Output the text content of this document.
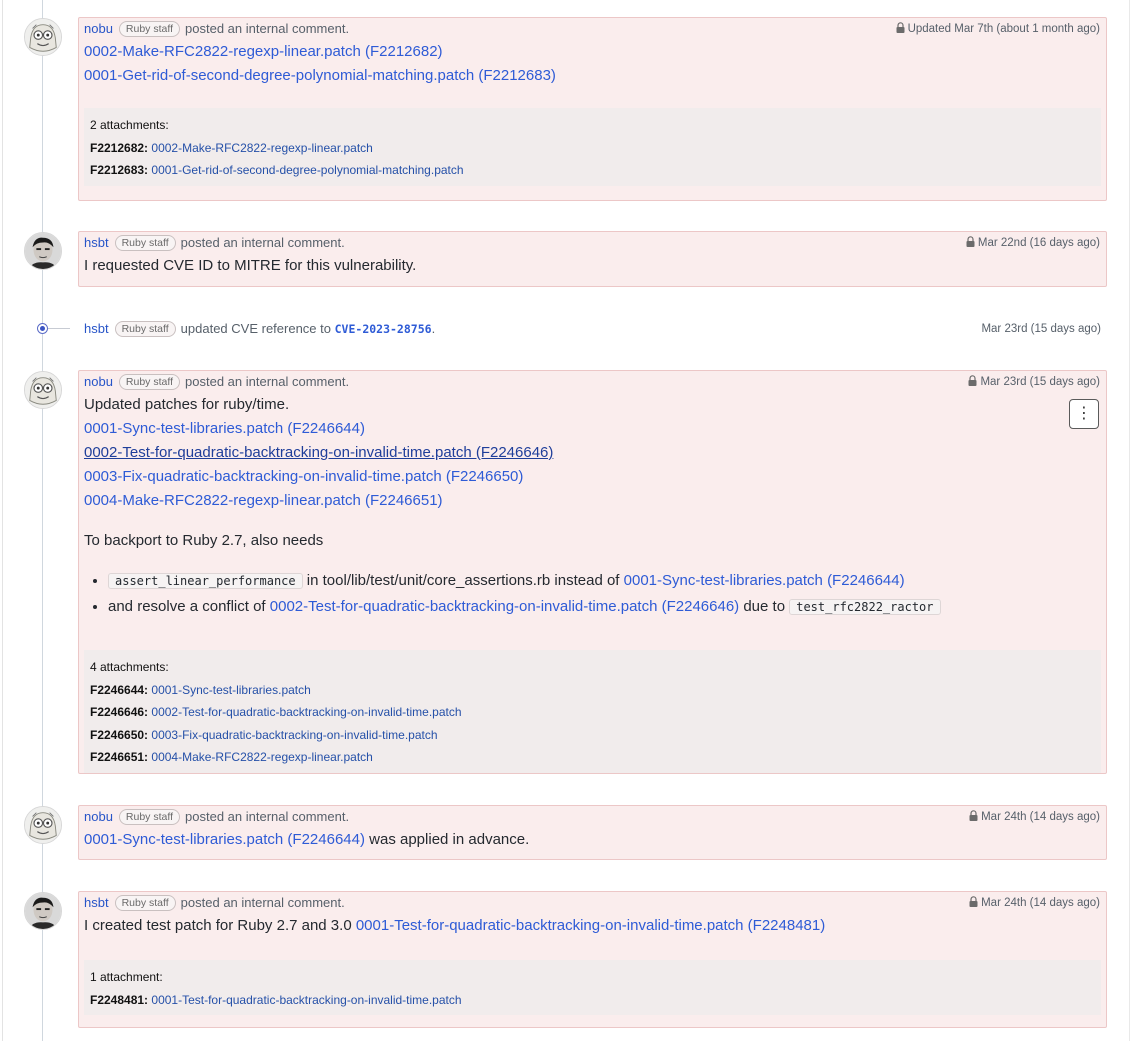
nobu Ruby staff posted an internal comment.	Updated Mar 7th (about 1 month ago)

0002-Make-RFC2822-regexp-linear.patch (F2212682)

0001-Get-rid-of-second-degree-polynomial-matching.patch (F2212683)

2 attachments:
F2212682: 0002-Make-RFC2822-regexp-linear.patch
F2212683: 0001-Get-rid-of-second-degree-polynomial-matching.patch
hsbt Ruby staff posted an internal comment.	Mar 22nd (16 days ago)

I requested CVE ID to MITRE for this vulnerability.

hsbt Ruby staff updated CVE reference to CVE-2023-28756.	Mar 23rd (15 days ago)
nobu Ruby staff posted an internal comment.	Mar 23rd (15 days ago)
⋮

Updated patches for ruby/time.

0001-Sync-test-libraries.patch (F2246644)

0002-Test-for-quadratic-backtracking-on-invalid-time.patch (F2246646)

0003-Fix-quadratic-backtracking-on-invalid-time.patch (F2246650)

0004-Make-RFC2822-regexp-linear.patch (F2246651)

To backport to Ruby 2.7, also needs

• assert_linear_performance in tool/lib/test/unit/core_assertions.rb instead of 0001-Sync-test-libraries.patch (F2246644)
• and resolve a conflict of 0002-Test-for-quadratic-backtracking-on-invalid-time.patch (F2246646) due to test_rfc2822_ractor
4 attachments:
F2246644: 0001-Sync-test-libraries.patch
F2246646: 0002-Test-for-quadratic-backtracking-on-invalid-time.patch
F2246650: 0003-Fix-quadratic-backtracking-on-invalid-time.patch
F2246651: 0004-Make-RFC2822-regexp-linear.patch
nobu Ruby staff posted an internal comment.	Mar 24th (14 days ago)

0001-Sync-test-libraries.patch (F2246644) was applied in advance.

hsbt Ruby staff posted an internal comment.	Mar 24th (14 days ago)

I created test patch for Ruby 2.7 and 3.0 0001-Test-for-quadratic-backtracking-on-invalid-time.patch (F2248481)

1 attachment:
F2248481: 0001-Test-for-quadratic-backtracking-on-invalid-time.patch
